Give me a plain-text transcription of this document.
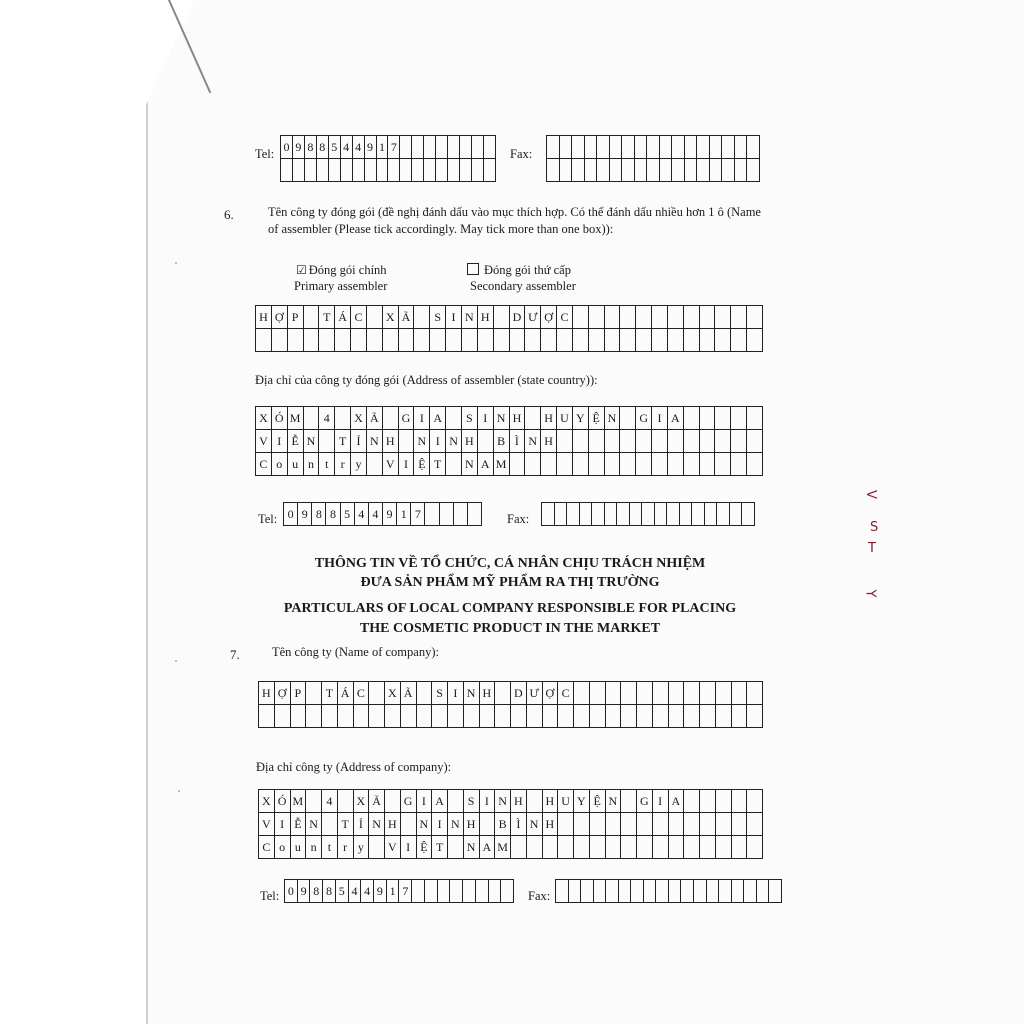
Tel: 0	9	8	8	5	4	4	9	1	7								
																		Fax:

6.	Tên công ty đóng gói (đề nghị đánh dấu vào mục thích hợp. Có thể đánh dấu nhiều hơn 1 ô (Name
of assembler (Please tick accordingly. May tick more than one box)):
☑ Đóng gói chính
Primary assembler
Đóng gói thứ cấp
Secondary assembler
H	Ợ	P		T	Á	C		X	Ã		S	I	N	H		D	Ư	Ợ	C												

Địa chỉ của công ty đóng gói (Address of assembler (state country)):
X	Ó	M		4		X	Ã		G	I	A		S	I	N	H		H	U	Y	Ệ	N		G	I	A					
V	I	Ễ	N		T	Ỉ	N	H		N	I	N	H		B	Ì	N	H													
C	o	u	n	t	r	y		V	I	Ệ	T		N	A	M																
Tel: 0	9	8	8	5	4	4	9	1	7					Fax:

THÔNG TIN VỀ TỔ CHỨC, CÁ NHÂN CHỊU TRÁCH NHIỆM
ĐƯA SẢN PHẨM MỸ PHẨM RA THỊ TRƯỜNG
PARTICULARS OF LOCAL COMPANY RESPONSIBLE FOR PLACING
THE COSMETIC PRODUCT IN THE MARKET
7.	Tên công ty (Name of company):
H	Ợ	P		T	Á	C		X	Ã		S	I	N	H		D	Ư	Ợ	C												

Địa chỉ công ty (Address of company):
X	Ó	M		4		X	Ã		G	I	A		S	I	N	H		H	U	Y	Ệ	N		G	I	A					
V	I	Ễ	N		T	Ỉ	N	H		N	I	N	H		B	Ì	N	H													
C	o	u	n	t	r	y		V	I	Ệ	T		N	A	M																
Tel: 0	9	8	8	5	4	4	9	1	7									Fax:

V
S
T
Y
